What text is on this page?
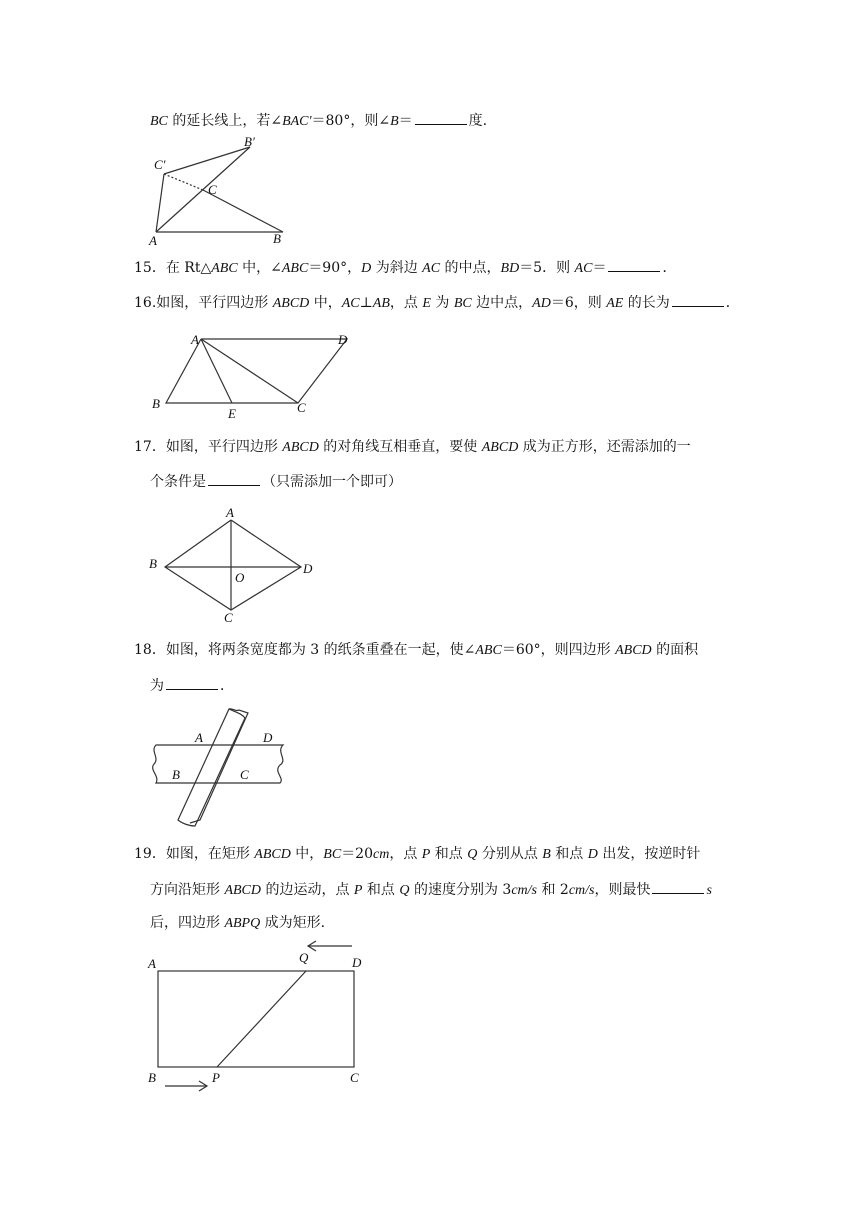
BC 的延长线上，若∠BAC'＝80°，则∠B＝	度.
C′
B′
C
A	B
15．在 Rt△ABC 中，∠ABC＝90°，D 为斜边 AC 的中点，BD＝5．则 AC＝	．
16.如图，平行四边形 ABCD 中，AC⊥AB，点 E 为 BC 边中点，AD＝6，则 AE 的长为	．
A	D
B
E	C
17．如图，平行四边形 ABCD 的对角线互相垂直，要使 ABCD 成为正方形，还需添加的一
个条件是	（只需添加一个即可）
A
B
O
D
C
18．如图，将两条宽度都为 3 的纸条重叠在一起，使∠ABC＝60°，则四边形 ABCD 的面积
为	．
A	D
B	C
19．如图，在矩形 ABCD 中，BC＝20cm，点 P 和点 Q 分别从点 B 和点 D 出发，按逆时针
方向沿矩形 ABCD 的边运动，点 P 和点 Q 的速度分别为 3cm/s 和 2cm/s，则最快	s
后，四边形 ABPQ 成为矩形.
A	Q	D
B	P	C
